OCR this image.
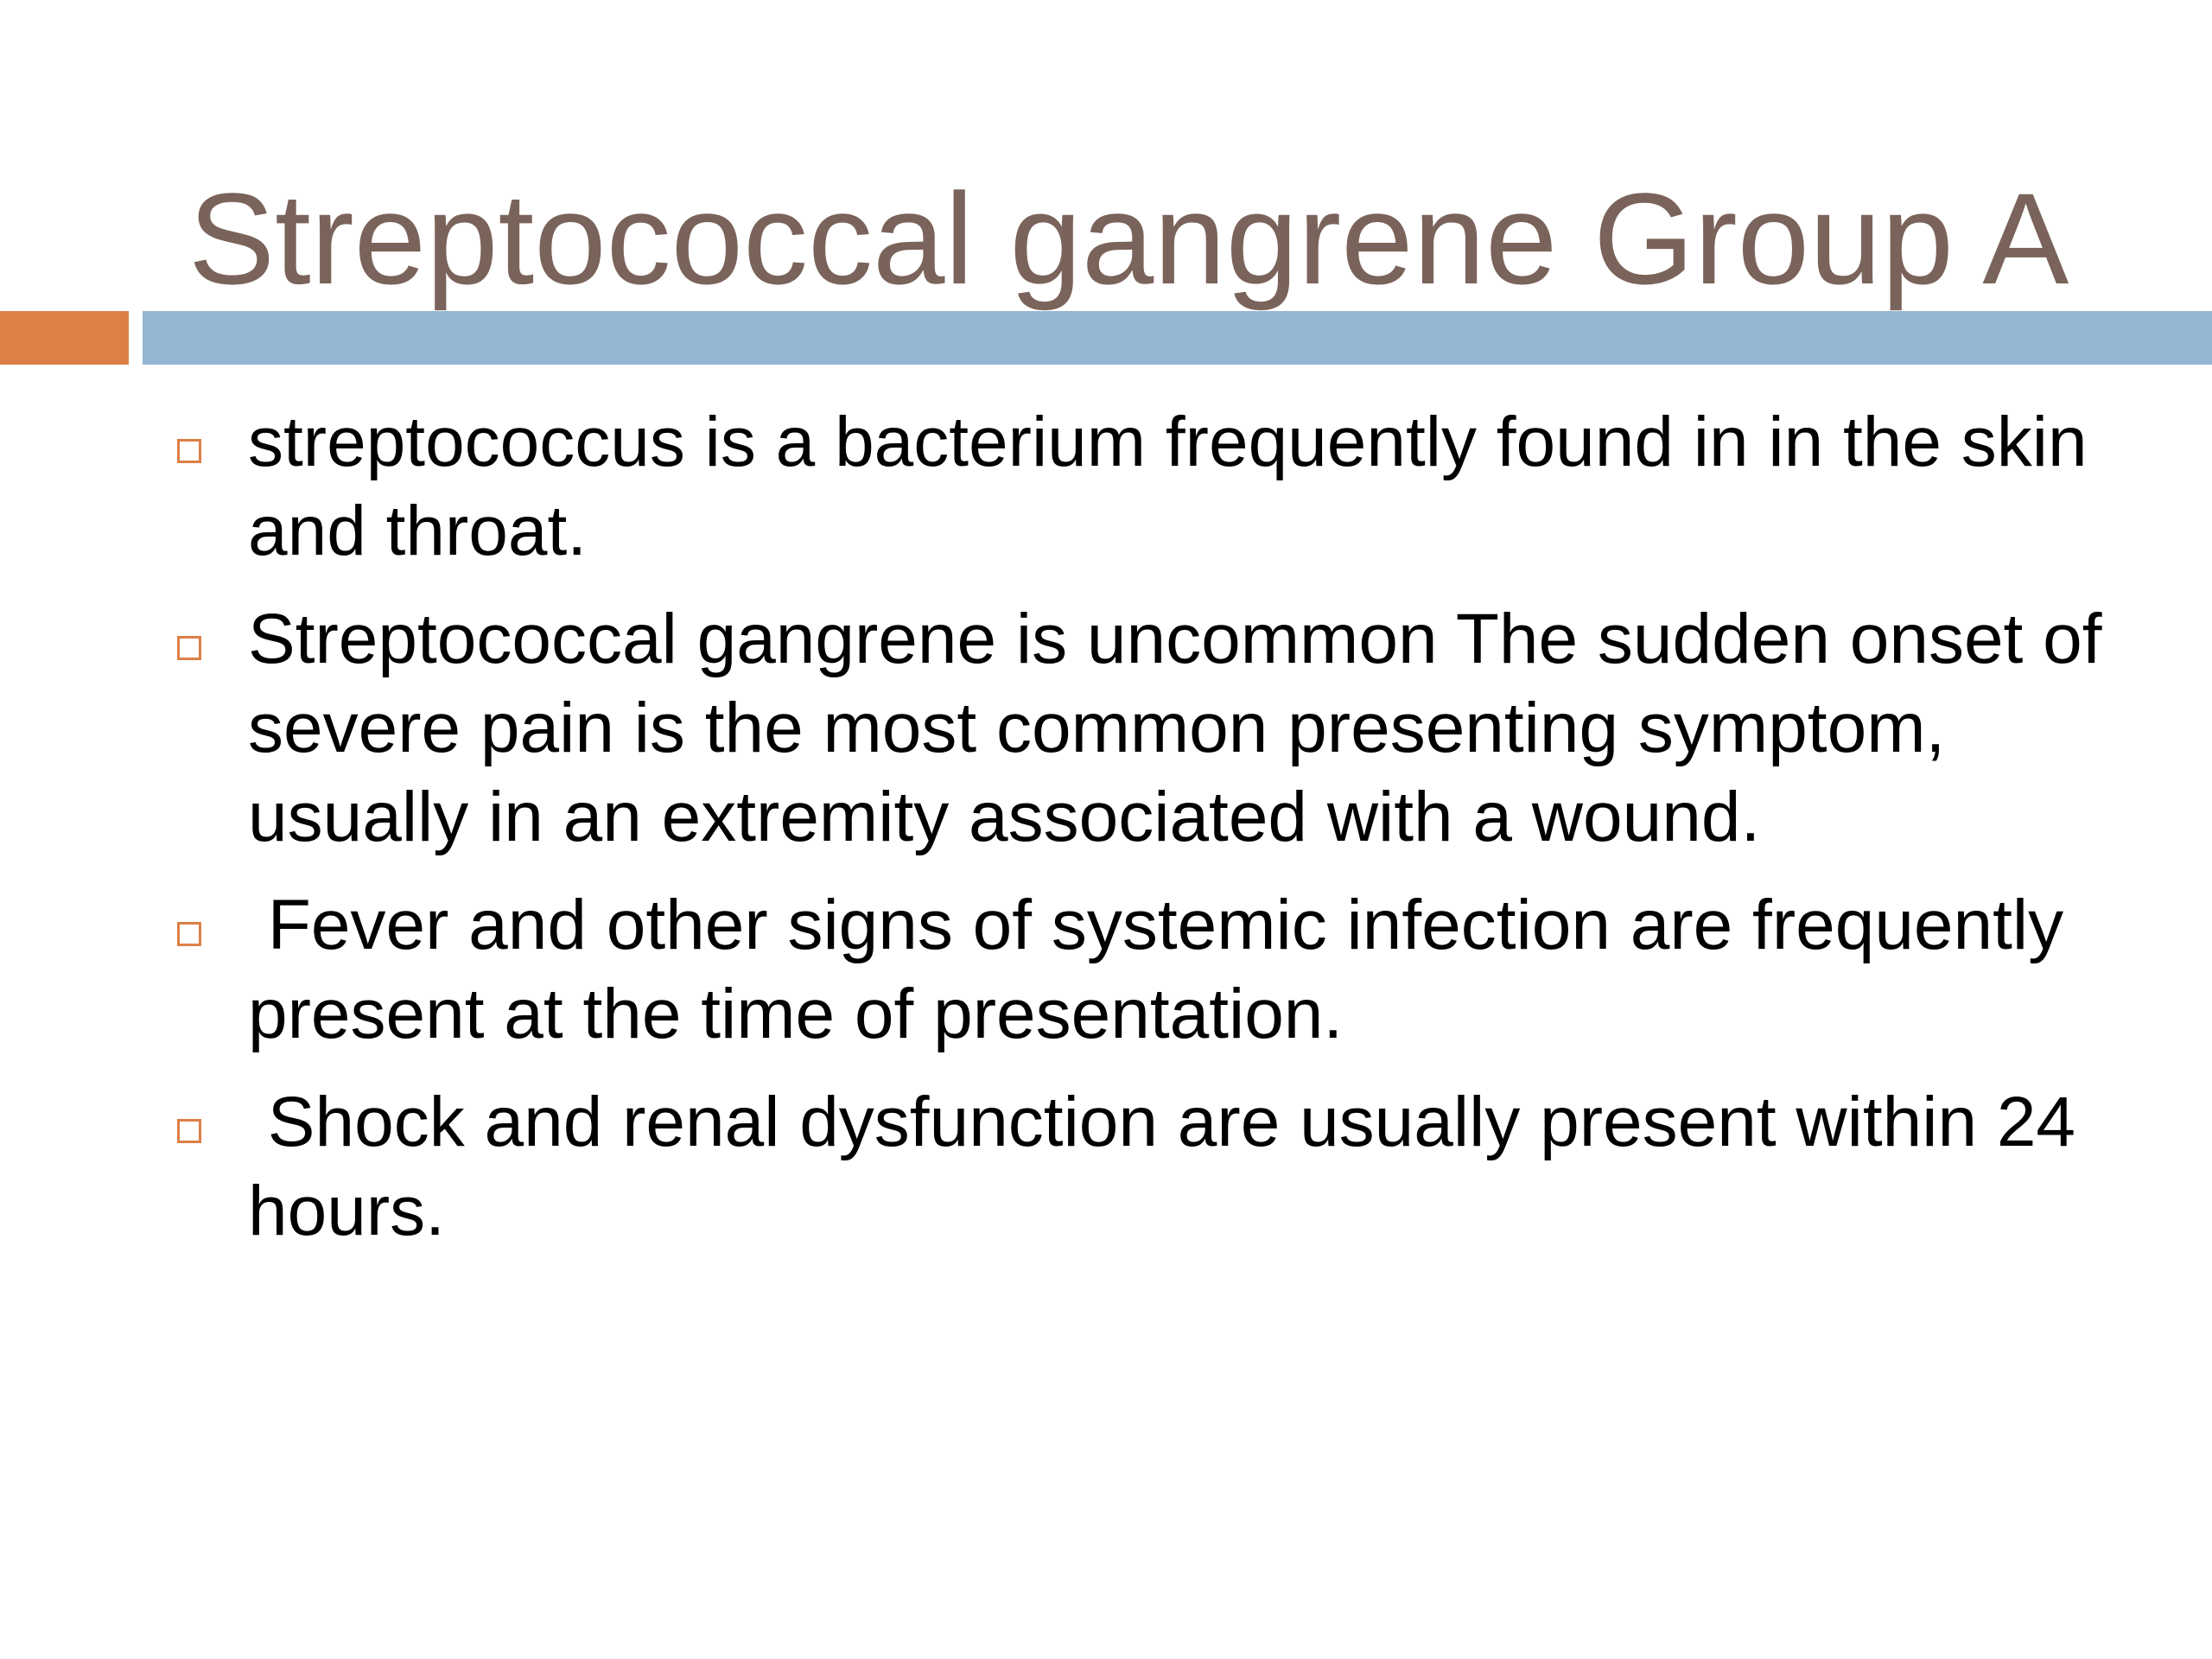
Streptococcal gangrene Group A
streptococcus is a bacterium frequently found in in the skin and throat.
Streptococcal gangrene is uncommon The sudden onset of severe pain is the most common presenting symptom, usually in an extremity associated with a wound.
Fever and other signs of systemic infection are frequently present at the time of presentation.
Shock and renal dysfunction are usually present within 24 hours.
